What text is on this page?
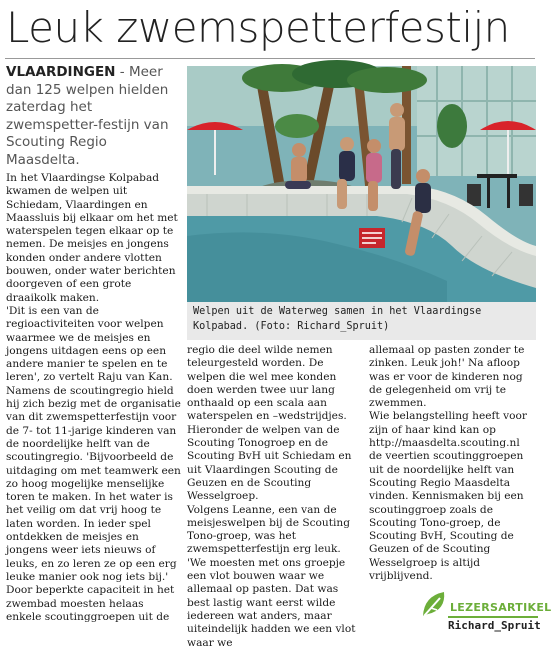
Leuk zwemspetterfestijn
VLAARDINGEN - Meer dan 125 welpen hielden zaterdag het zwemspetter-festijn van Scouting Regio Maasdelta.
Welpen uit de Waterweg samen in het Vlaardingse Kolpabad. (Foto: Richard_Spruit)

In het Vlaardingse Kolpabad kwamen de welpen uit Schiedam, Vlaardingen en Maassluis bij elkaar om het met waterspelen tegen elkaar op te nemen. De meisjes en jongens konden onder andere vlotten bouwen, onder water berichten doorgeven of een grote draaikolk maken.

'Dit is een van de regioactiviteiten voor welpen waarmee we de meisjes en jongens uitdagen eens op een andere manier te spelen en te leren', zo vertelt Raju van Kan. Namens de scoutingregio hield hij zich bezig met de organisatie van dit zwemspetterfestijn voor de 7- tot 11-jarige kinderen van de noordelijke helft van de scoutingregio. 'Bijvoorbeeld de uitdaging om met teamwerk een zo hoog mogelijke menselijke toren te maken. In het water is het veilig om dat vrij hoog te laten worden. In ieder spel ontdekken de meisjes en jongens weer iets nieuws of leuks, en zo leren ze op een erg leuke manier ook nog iets bij.' Door beperkte capaciteit in het zwembad moesten helaas enkele scoutinggroepen uit de

regio die deel wilde nemen teleurgesteld worden. De welpen die wel mee konden doen werden twee uur lang onthaald op een scala aan waterspelen en –wedstrijdjes. Hieronder de welpen van de Scouting Tonogroep en de Scouting BvH uit Schiedam en uit Vlaardingen Scouting de Geuzen en de Scouting Wesselgroep.

Volgens Leanne, een van de meisjeswelpen bij de Scouting Tono-groep, was het zwemspetterfestijn erg leuk. 'We moesten met ons groepje een vlot bouwen waar we allemaal op pasten. Dat was best lastig want eerst wilde iedereen wat anders, maar uiteindelijk hadden we een vlot waar we

allemaal op pasten zonder te zinken. Leuk joh!' Na afloop was er voor de kinderen nog de gelegenheid om vrij te zwemmen.

Wie belangstelling heeft voor zijn of haar kind kan op http://maasdelta.scouting.nl de veertien scoutinggroepen uit de noordelijke helft van Scouting Regio Maasdelta vinden. Kennismaken bij een scoutinggroep zoals de Scouting Tono-groep, de Scouting BvH, Scouting de Geuzen of de Scouting Wesselgroep is altijd vrijblijvend.

LEZERSARTIKEL
Richard_Spruit
